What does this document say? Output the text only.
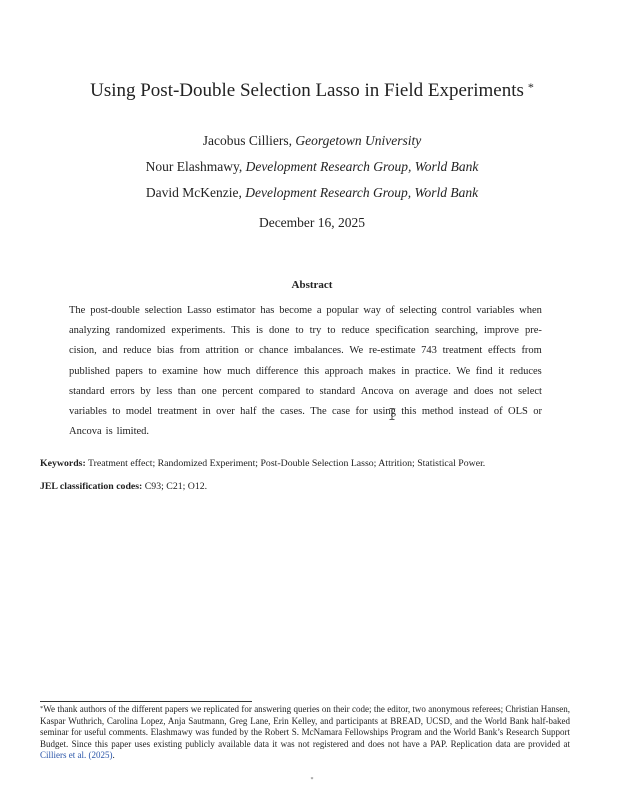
Using Post-Double Selection Lasso in Field Experiments *
Jacobus Cilliers, Georgetown University
Nour Elashmawy, Development Research Group, World Bank
David McKenzie, Development Research Group, World Bank
December 16, 2025
Abstract
The post-double selection Lasso estimator has become a popular way of selecting control variables when
analyzing randomized experiments. This is done to try to reduce specification searching, improve pre-
cision, and reduce bias from attrition or chance imbalances. We re-estimate 743 treatment effects from
published papers to examine how much difference this approach makes in practice. We find it reduces
standard errors by less than one percent compared to standard Ancova on average and does not select
variables to model treatment in over half the cases. The case for using this method instead of OLS or
Ancova is limited.
Keywords: Treatment effect; Randomized Experiment; Post-Double Selection Lasso; Attrition; Statistical Power.
JEL classification codes: C93; C21; O12.
*We thank authors of the different papers we replicated for answering queries on their code; the editor, two anonymous referees; Christian Hansen, Kaspar Wuthrich, Carolina Lopez, Anja Sautmann, Greg Lane, Erin Kelley, and participants at BREAD, UCSD, and the World Bank half-baked seminar for useful comments. Elashmawy was funded by the Robert S. McNamara Fellowships Program and the World Bank’s Research Support Budget. Since this paper uses existing publicly available data it was not registered and does not have a PAP. Replication data are provided at Cilliers et al. (2025).
*
